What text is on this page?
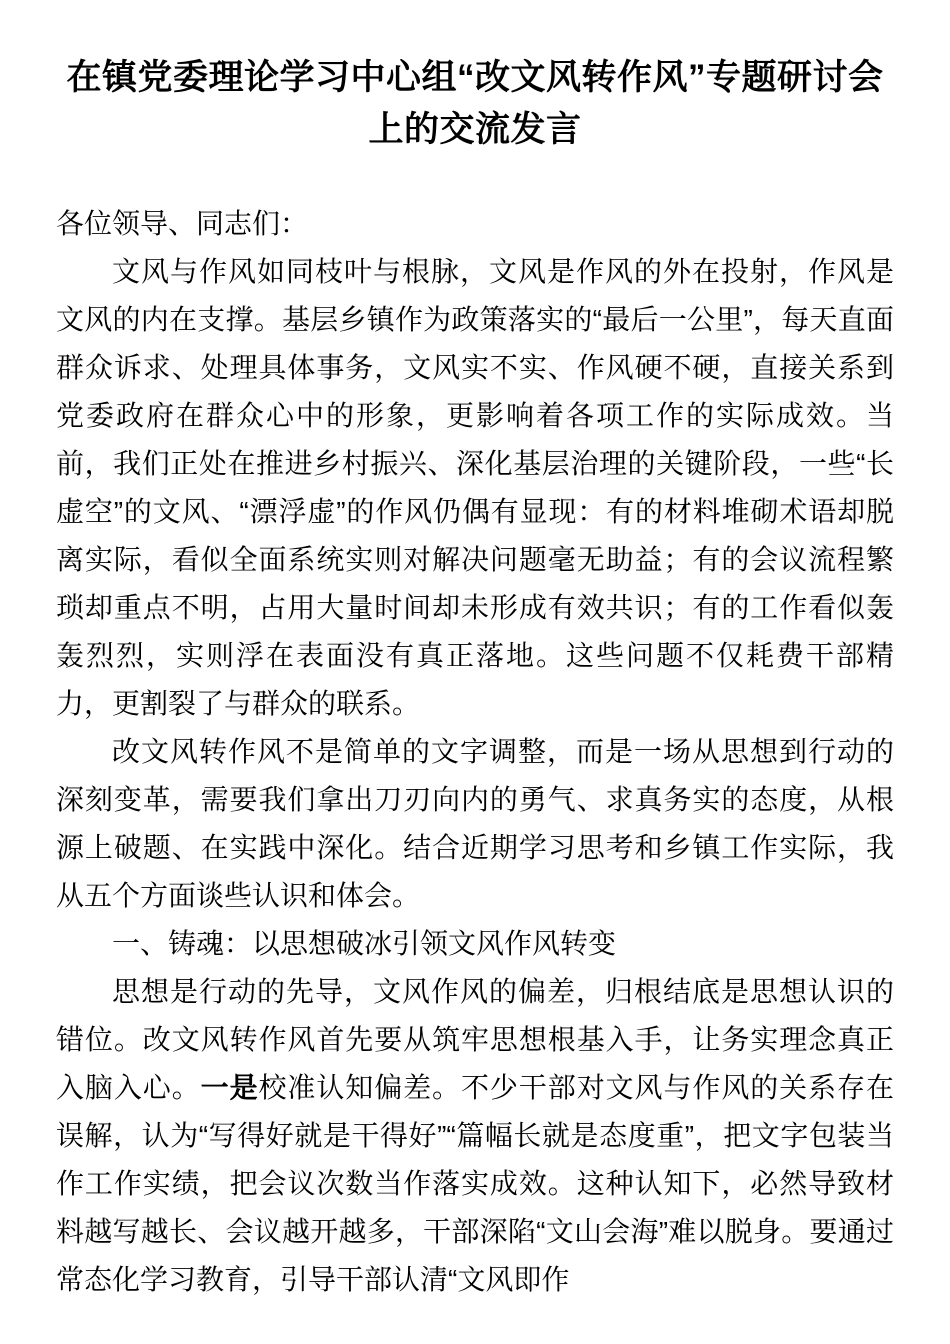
在镇党委理论学习中心组“改文风转作风”专题研讨会上的交流发言

各位领导、同志们：

文风与作风如同枝叶与根脉，文风是作风的外在投射，作风是文风的内在支撑。基层乡镇作为政策落实的“最后一公里”，每天直面群众诉求、处理具体事务，文风实不实、作风硬不硬，直接关系到党委政府在群众心中的形象，更影响着各项工作的实际成效。当前，我们正处在推进乡村振兴、深化基层治理的关键阶段，一些“长虚空”的文风、“漂浮虚”的作风仍偶有显现：有的材料堆砌术语却脱离实际，看似全面系统实则对解决问题毫无助益；有的会议流程繁琐却重点不明，占用大量时间却未形成有效共识；有的工作看似轰轰烈烈，实则浮在表面没有真正落地。这些问题不仅耗费干部精力，更割裂了与群众的联系。

改文风转作风不是简单的文字调整，而是一场从思想到行动的深刻变革，需要我们拿出刀刃向内的勇气、求真务实的态度，从根源上破题、在实践中深化。结合近期学习思考和乡镇工作实际，我从五个方面谈些认识和体会。

一、铸魂：以思想破冰引领文风作风转变

思想是行动的先导，文风作风的偏差，归根结底是思想认识的错位。改文风转作风首先要从筑牢思想根基入手，让务实理念真正入脑入心。一是校准认知偏差。不少干部对文风与作风的关系存在误解，认为“写得好就是干得好”“篇幅长就是态度重”，把文字包装当作工作实绩，把会议次数当作落实成效。这种认知下，必然导致材料越写越长、会议越开越多，干部深陷“文山会海”难以脱身。要通过常态化学习教育，引导干部认清“文风即作
